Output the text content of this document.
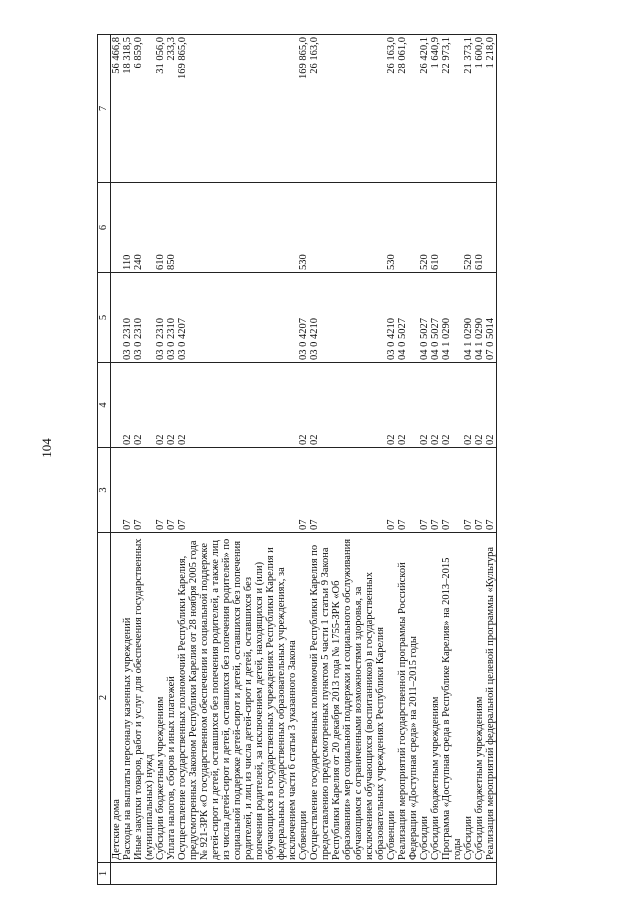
104
1	2	3	4	5	6	7
	Детские дома					56 466,8
	Расходы на выплаты персоналу казенных учреждений	07	02	03 0 2310	110	18 318,5
	Иные закупки товаров, работ и услуг для обеспечения государственных (муниципальных) нужд	07	02	03 0 2310	240	6 859,0
	Субсидии бюджетным учреждениям	07	02	03 0 2310	610	31 056,0
	Уплата налогов, сборов и иных платежей	07	02	03 0 2310	850	233,3
	Осуществление государственных полномочий Республики Карелия, предусмотренных Законом Республики Карелия от 28 ноября 2005 года № 921-ЗРК «О государственном обеспечении и социальной поддержке детей-сирот и детей, оставшихся без попечения родителей, а также лиц из числа детей-сирот и детей, оставшихся без попечения родителей» по социальной поддержке детей-сирот и детей, оставшихся без попечения родителей, и лиц из числа детей-сирот и детей, оставшихся без попечения родителей, за исключением детей, находящихся и (или) обучающихся в государственных учреждениях Республики Карелия и федеральных государственных образовательных учреждениях, за исключением части 6 статьи 3 указанного Закона	07	02	03 0 4207		169 865,0
	Субвенции	07	02	03 0 4207	530	169 865,0
	Осуществление государственных полномочий Республики Карелия по предоставлению предусмотренных пунктом 5 части 1 статьи 9 Закона Республики Карелия от 20 декабря 2013 года № 1755-ЗРК «Об образовании» мер социальной поддержки и социального обслуживания обучающимся с ограниченными возможностями здоровья, за исключением обучающихся (воспитанников) в государственных образовательных учреждениях Республики Карелия	07	02	03 0 4210		26 163,0
	Субвенции	07	02	03 0 4210	530	26 163,0
	Реализация мероприятий государственной программы Российской Федерации «Доступная среда» на 2011–2015 годы	07	02	04 0 5027		28 061,0
	Субсидии	07	02	04 0 5027	520	26 420,1
	Субсидии бюджетным учреждениям	07	02	04 0 5027	610	1 640,9
	Программа «Доступная среда в Республике Карелия» на 2013–2015 годы	07	02	04 1 0290		22 973,1
	Субсидии	07	02	04 1 0290	520	21 373,1
	Субсидии бюджетным учреждениям	07	02	04 1 0290	610	1 600,0
	Реализация мероприятий федеральной целевой программы «Культура	07	02	07 0 5014		1 218,0
